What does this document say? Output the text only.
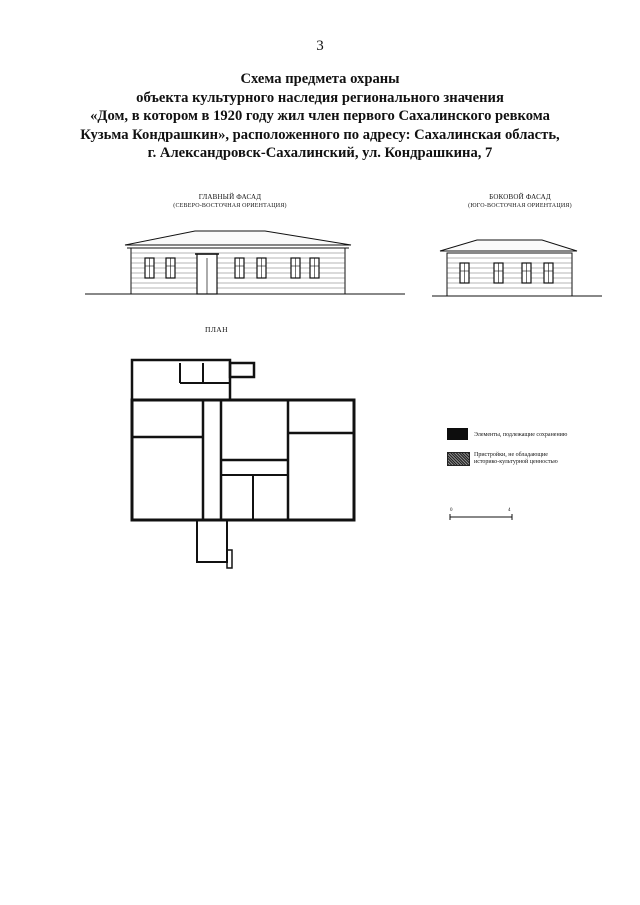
3
Схема предмета охраны
объекта культурного наследия регионального значения
«Дом, в котором в 1920 году жил член первого Сахалинского ревкома
Кузьма Кондрашкин», расположенного по адресу: Сахалинская область,
г. Александровск-Сахалинский, ул. Кондрашкина, 7
ГЛАВНЫЙ ФАСАД
(СЕВЕРО-ВОСТОЧНАЯ ОРИЕНТАЦИЯ)
БОКОВОЙ ФАСАД
(ЮГО-ВОСТОЧНАЯ ОРИЕНТАЦИЯ)
ПЛАН
Элементы, подлежащие сохранению
Пристройки, не обладающие
историко-культурной ценностью
0	4
